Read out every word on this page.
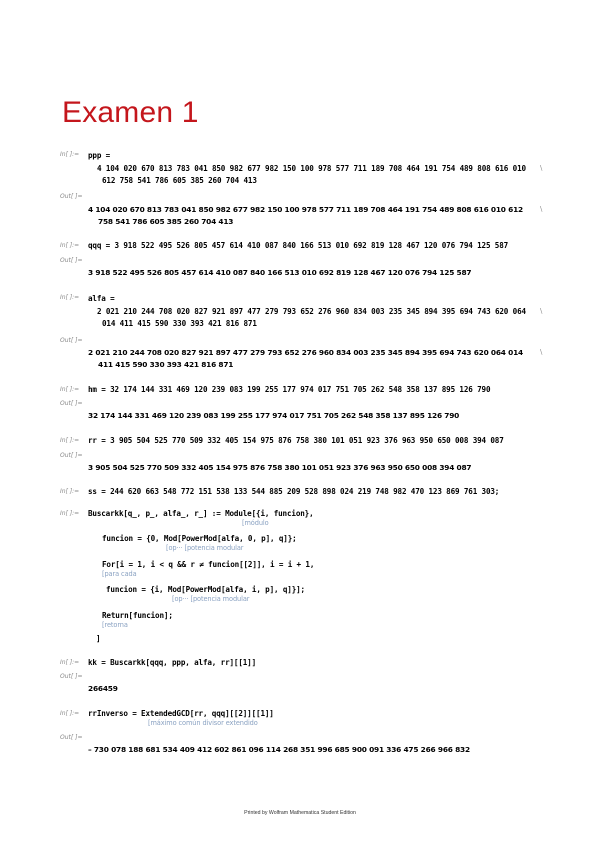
Examen 1
In[ ]:= ppp =
4 104 020 670 813 783 041 850 982 677 982 150 100 978 577 711 189 708 464 191 754 489 808 616 010 \
612 758 541 786 605 385 260 704 413
Out[ ]=
4 104 020 670 813 783 041 850 982 677 982 150 100 978 577 711 189 708 464 191 754 489 808 616 010 612 \
758 541 786 605 385 260 704 413
In[ ]:= qqq = 3 918 522 495 526 805 457 614 410 087 840 166 513 010 692 819 128 467 120 076 794 125 587
Out[ ]=
3 918 522 495 526 805 457 614 410 087 840 166 513 010 692 819 128 467 120 076 794 125 587
In[ ]:= alfa =
2 021 210 244 708 020 827 921 897 477 279 793 652 276 960 834 003 235 345 894 395 694 743 620 064 \
014 411 415 590 330 393 421 816 871
Out[ ]=
2 021 210 244 708 020 827 921 897 477 279 793 652 276 960 834 003 235 345 894 395 694 743 620 064 014 \
411 415 590 330 393 421 816 871
In[ ]:= hm = 32 174 144 331 469 120 239 083 199 255 177 974 017 751 705 262 548 358 137 895 126 790
Out[ ]=
32 174 144 331 469 120 239 083 199 255 177 974 017 751 705 262 548 358 137 895 126 790
In[ ]:= rr = 3 905 504 525 770 509 332 405 154 975 876 758 380 101 051 923 376 963 950 650 008 394 087
Out[ ]=
3 905 504 525 770 509 332 405 154 975 876 758 380 101 051 923 376 963 950 650 008 394 087
In[ ]:= ss = 244 620 663 548 772 151 538 133 544 885 209 528 898 024 219 748 982 470 123 869 761 303;
In[ ]:= Buscarkk[q_, p_, alfa_, r_] := Module[{i, funcion},
[módulo
funcion = {0, Mod[PowerMod[alfa, 0, p], q]};
[op··· [potencia modular
For[i = 1, i < q && r ≠ funcion[[2]], i = i + 1,
[para cada
funcion = {i, Mod[PowerMod[alfa, i, p], q]}];
[op··· [potencia modular
Return[funcion];
[retorna
]
In[ ]:= kk = Buscarkk[qqq, ppp, alfa, rr][[1]]
Out[ ]=
266459
In[ ]:= rrInverso = ExtendedGCD[rr, qqq][[2]][[1]]
[máximo común divisor extendido
Out[ ]=
– 730 078 188 681 534 409 412 602 861 096 114 268 351 996 685 900 091 336 475 266 966 832
Printed by Wolfram Mathematica Student Edition
